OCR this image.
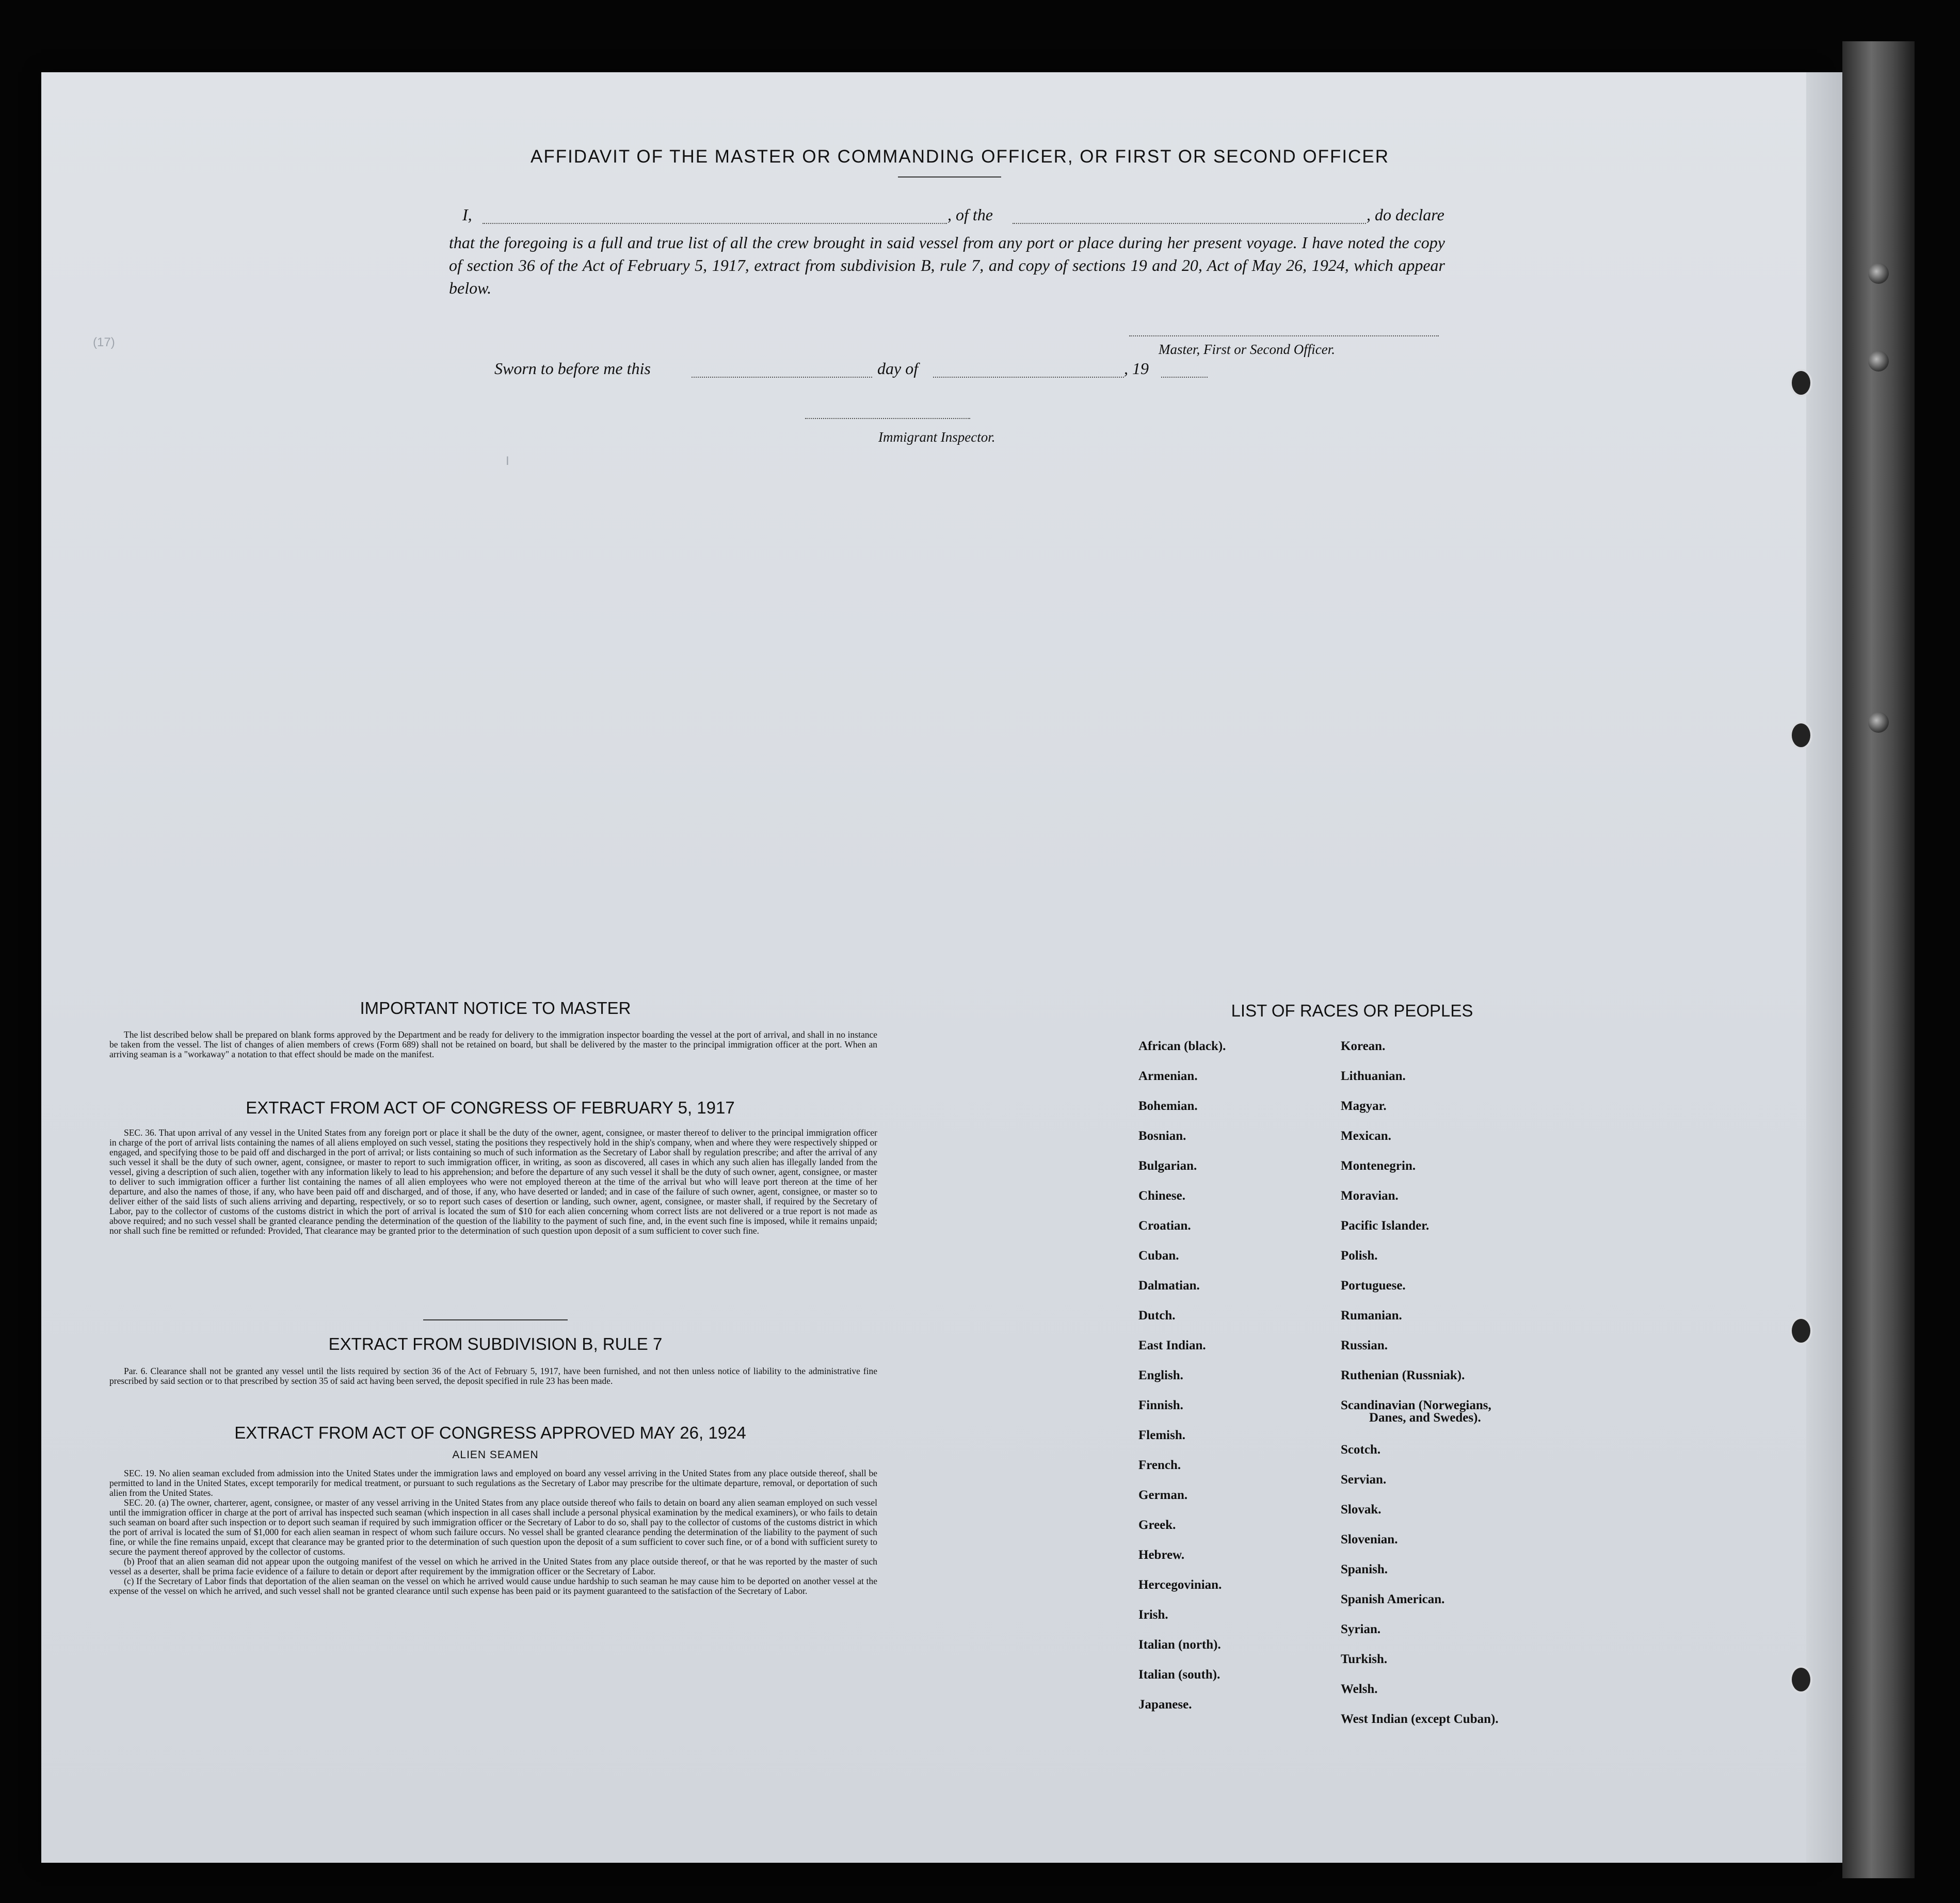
(17)
I
AFFIDAVIT OF THE MASTER OR COMMANDING OFFICER, OR FIRST OR SECOND OFFICER
I,	, of the	, do declare
that the foregoing is a full and true list of all the crew brought in said vessel from any port or place during her present voyage. I have noted the copy of section 36 of the Act of February 5, 1917, extract from subdivision B, rule 7, and copy of sections 19 and 20, Act of May 26, 1924, which appear below.
Master, First or Second Officer.
Sworn to before me this	day of	, 19
Immigrant Inspector.
IMPORTANT NOTICE TO MASTER

The list described below shall be prepared on blank forms approved by the Department and be ready for delivery to the immigration inspector boarding the vessel at the port of arrival, and shall in no instance be taken from the vessel. The list of changes of alien members of crews (Form 689) shall not be retained on board, but shall be delivered by the master to the principal immigration officer at the port. When an arriving seaman is a "workaway" a notation to that effect should be made on the manifest.

EXTRACT FROM ACT OF CONGRESS OF FEBRUARY 5, 1917

SEC. 36. That upon arrival of any vessel in the United States from any foreign port or place it shall be the duty of the owner, agent, consignee, or master thereof to deliver to the principal immigration officer in charge of the port of arrival lists containing the names of all aliens employed on such vessel, stating the positions they respectively hold in the ship's company, when and where they were respectively shipped or engaged, and specifying those to be paid off and discharged in the port of arrival; or lists containing so much of such information as the Secretary of Labor shall by regulation prescribe; and after the arrival of any such vessel it shall be the duty of such owner, agent, consignee, or master to report to such immigration officer, in writing, as soon as discovered, all cases in which any such alien has illegally landed from the vessel, giving a description of such alien, together with any information likely to lead to his apprehension; and before the departure of any such vessel it shall be the duty of such owner, agent, consignee, or master to deliver to such immigration officer a further list containing the names of all alien employees who were not employed thereon at the time of the arrival but who will leave port thereon at the time of her departure, and also the names of those, if any, who have been paid off and discharged, and of those, if any, who have deserted or landed; and in case of the failure of such owner, agent, consignee, or master so to deliver either of the said lists of such aliens arriving and departing, respectively, or so to report such cases of desertion or landing, such owner, agent, consignee, or master shall, if required by the Secretary of Labor, pay to the collector of customs of the customs district in which the port of arrival is located the sum of $10 for each alien concerning whom correct lists are not delivered or a true report is not made as above required; and no such vessel shall be granted clearance pending the determination of the question of the liability to the payment of such fine, and, in the event such fine is imposed, while it remains unpaid; nor shall such fine be remitted or refunded: Provided, That clearance may be granted prior to the determination of such question upon deposit of a sum sufficient to cover such fine.

EXTRACT FROM SUBDIVISION B, RULE 7

Par. 6. Clearance shall not be granted any vessel until the lists required by section 36 of the Act of February 5, 1917, have been furnished, and not then unless notice of liability to the administrative fine prescribed by said section or to that prescribed by section 35 of said act having been served, the deposit specified in rule 23 has been made.

EXTRACT FROM ACT OF CONGRESS APPROVED MAY 26, 1924
ALIEN SEAMEN

SEC. 19. No alien seaman excluded from admission into the United States under the immigration laws and employed on board any vessel arriving in the United States from any place outside thereof, shall be permitted to land in the United States, except temporarily for medical treatment, or pursuant to such regulations as the Secretary of Labor may prescribe for the ultimate departure, removal, or deportation of such alien from the United States.

SEC. 20. (a) The owner, charterer, agent, consignee, or master of any vessel arriving in the United States from any place outside thereof who fails to detain on board any alien seaman employed on such vessel until the immigration officer in charge at the port of arrival has inspected such seaman (which inspection in all cases shall include a personal physical examination by the medical examiners), or who fails to detain such seaman on board after such inspection or to deport such seaman if required by such immigration officer or the Secretary of Labor to do so, shall pay to the collector of customs of the customs district in which the port of arrival is located the sum of $1,000 for each alien seaman in respect of whom such failure occurs. No vessel shall be granted clearance pending the determination of the liability to the payment of such fine, or while the fine remains unpaid, except that clearance may be granted prior to the determination of such question upon the deposit of a sum sufficient to cover such fine, or of a bond with sufficient surety to secure the payment thereof approved by the collector of customs.

(b) Proof that an alien seaman did not appear upon the outgoing manifest of the vessel on which he arrived in the United States from any place outside thereof, or that he was reported by the master of such vessel as a deserter, shall be prima facie evidence of a failure to detain or deport after requirement by the immigration officer or the Secretary of Labor.

(c) If the Secretary of Labor finds that deportation of the alien seaman on the vessel on which he arrived would cause undue hardship to such seaman he may cause him to be deported on another vessel at the expense of the vessel on which he arrived, and such vessel shall not be granted clearance until such expense has been paid or its payment guaranteed to the satisfaction of the Secretary of Labor.

LIST OF RACES OR PEOPLES
African (black).
Armenian.
Bohemian.
Bosnian.
Bulgarian.
Chinese.
Croatian.
Cuban.
Dalmatian.
Dutch.
East Indian.
English.
Finnish.
Flemish.
French.
German.
Greek.
Hebrew.
Hercegovinian.
Irish.
Italian (north).
Italian (south).
Japanese.
Korean.
Lithuanian.
Magyar.
Mexican.
Montenegrin.
Moravian.
Pacific Islander.
Polish.
Portuguese.
Rumanian.
Russian.
Ruthenian (Russniak).
Scandinavian (Norwegians,
Danes, and Swedes).
Scotch.
Servian.
Slovak.
Slovenian.
Spanish.
Spanish American.
Syrian.
Turkish.
Welsh.
West Indian (except Cuban).
